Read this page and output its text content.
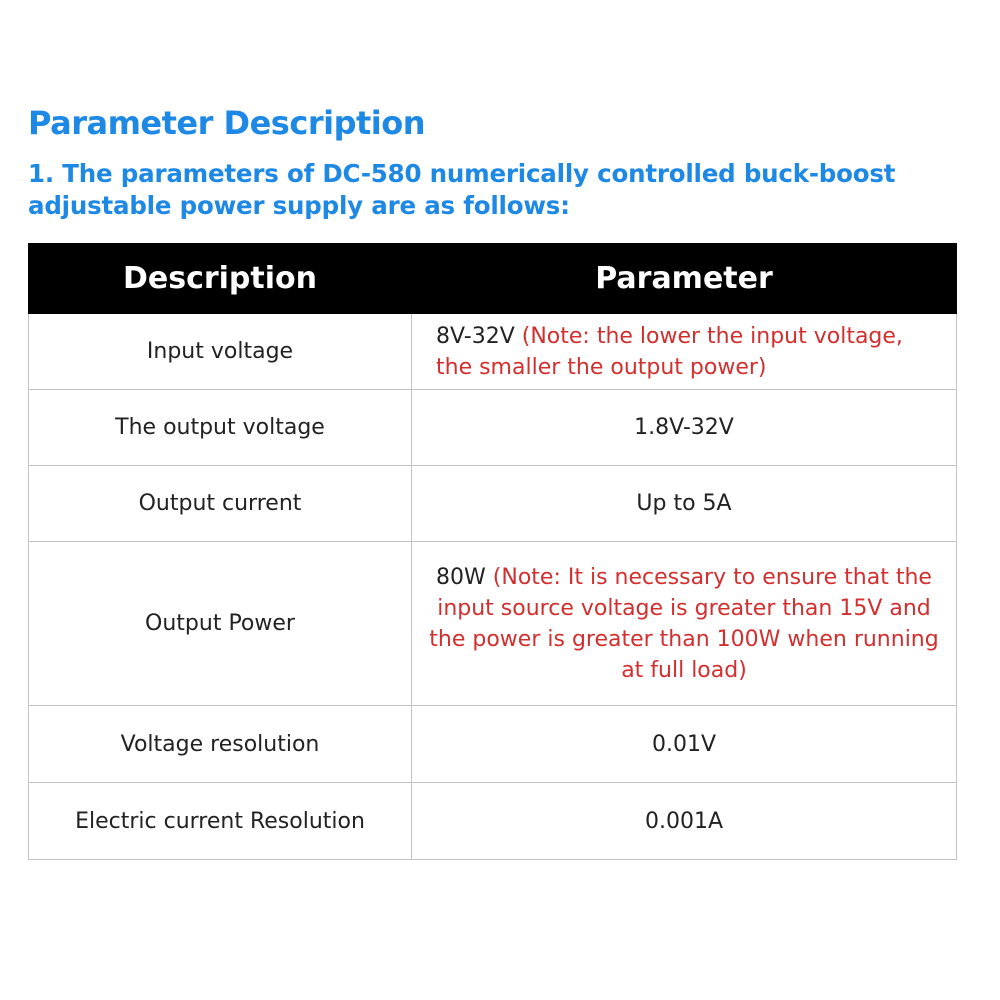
Parameter Description

1. The parameters of DC-580 numerically controlled buck-boost adjustable power supply are as follows:

Description	Parameter
Input voltage	8V-32V (Note: the lower the input voltage, the smaller the output power)
The output voltage	1.8V-32V
Output current	Up to 5A
Output Power	80W (Note: It is necessary to ensure that the input source voltage is greater than 15V and the power is greater than 100W when running at full load)
Voltage resolution	0.01V
Electric current Resolution	0.001A
